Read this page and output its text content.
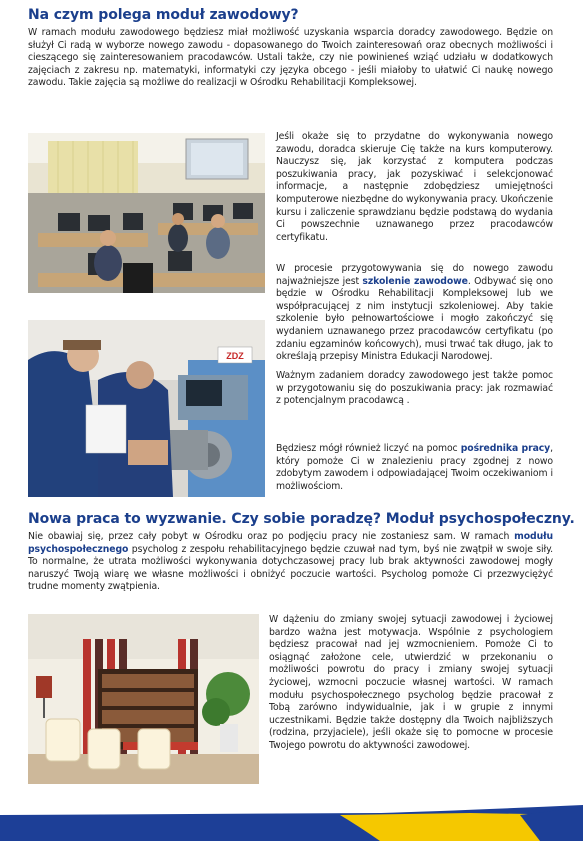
Na czym polega moduł zawodowy?

W ramach modułu zawodowego będziesz miał możliwość uzyskania wsparcia doradcy zawodowego. Będzie on służył Ci radą w wyborze nowego zawodu - dopasowanego do Twoich zainteresowań oraz obecnych możliwości i cieszącego się zainteresowaniem pracodawców. Ustali także, czy nie powinieneś wziąć udziału w dodatkowych zajęciach z zakresu np. matematyki, informatyki czy języka obcego - jeśli miałoby to ułatwić Ci naukę nowego zawodu. Takie zajęcia są możliwe do realizacji w Ośrodku Rehabilitacji Kompleksowej.

Jeśli okaże się to przydatne do wykonywania nowego zawodu, doradca skieruje Cię także na kurs komputerowy. Nauczysz się, jak korzystać z komputera podczas poszukiwania pracy, jak pozyskiwać i selekcjonować informacje, a następnie zdobędziesz umiejętności komputerowe niezbędne do wykonywania pracy. Ukończenie kursu i zaliczenie sprawdzianu będzie podstawą do wydania Ci powszechnie uznawanego przez pracodawców certyfikatu.

W procesie przygotowywania się do nowego zawodu najważniejsze jest szkolenie zawodowe. Odbywać się ono będzie w Ośrodku Rehabilitacji Kompleksowej lub we współpracującej z nim instytucji szkoleniowej. Aby takie szkolenie było pełnowartościowe i mogło zakończyć się wydaniem uznawanego przez pracodawców certyfikatu (po zdaniu egzaminów końcowych), musi trwać tak długo, jak to określają przepisy Ministra Edukacji Narodowej.

ZDZ

Ważnym zadaniem doradcy zawodowego jest także pomoc w przygotowaniu się do poszukiwania pracy: jak rozmawiać z potencjalnym pracodawcą .

Będziesz mógł również liczyć na pomoc pośrednika pracy, który pomoże Ci w znalezieniu pracy zgodnej z nowo zdobytym zawodem i odpowiadającej Twoim oczekiwaniom i możliwościom.

Nowa praca to wyzwanie. Czy sobie poradzę? Moduł psychospołeczny.

Nie obawiaj się, przez cały pobyt w Ośrodku oraz po podjęciu pracy nie zostaniesz sam. W ramach modułu psychospołecznego psycholog z zespołu rehabilitacyjnego będzie czuwał nad tym, byś nie zwątpił w swoje siły. To normalne, że utrata możliwości wykonywania dotychczasowej pracy lub brak aktywności zawodowej mogły naruszyć Twoją wiarę we własne możliwości i obniżyć poczucie wartości. Psycholog pomoże Ci przezwyciężyć trudne momenty zwątpienia.

W dążeniu do zmiany swojej sytuacji zawodowej i życiowej bardzo ważna jest motywacja. Wspólnie z psychologiem będziesz pracował nad jej wzmocnieniem. Pomoże Ci to osiągnąć założone cele, utwierdzić w przekonaniu o możliwości powrotu do pracy i zmiany swojej sytuacji życiowej, wzmocni poczucie własnej wartości. W ramach modułu psychospołecznego psycholog będzie pracował z Tobą zarówno indywidualnie, jak i w grupie z innymi uczestnikami. Będzie także dostępny dla Twoich najbliższych (rodzina, przyjaciele), jeśli okaże się to pomocne w procesie Twojego powrotu do aktywności zawodowej.
